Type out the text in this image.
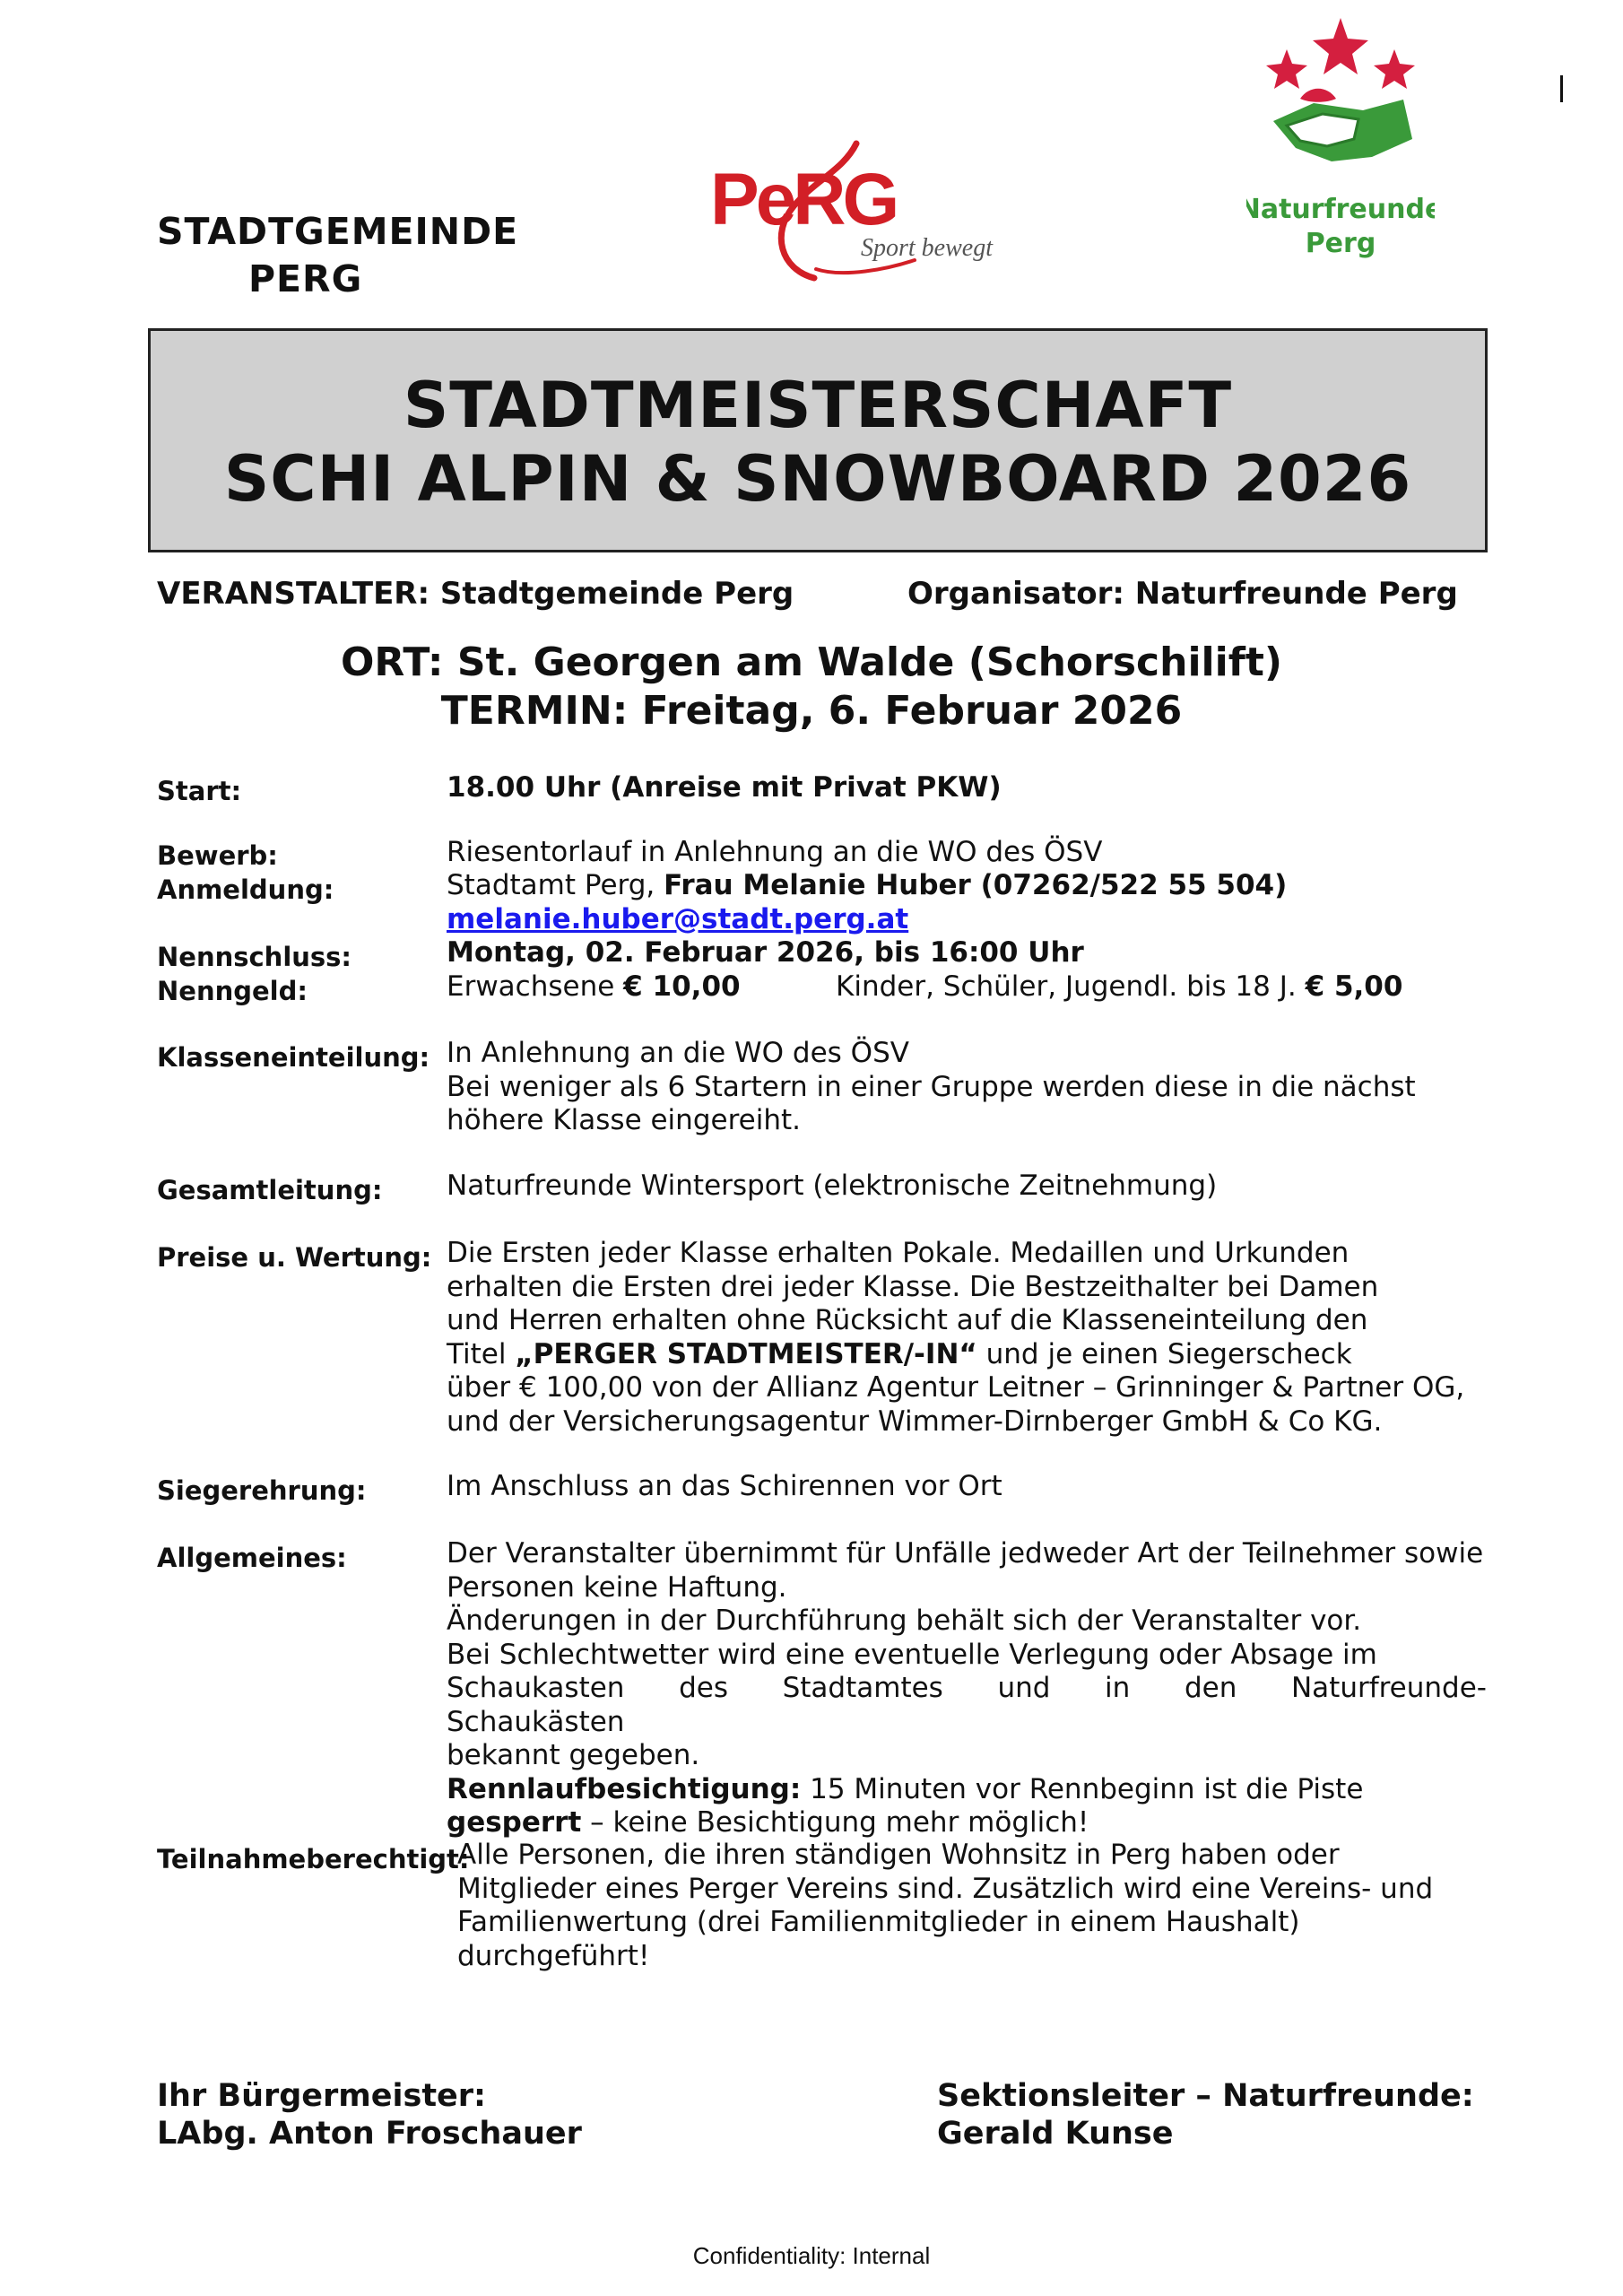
STADTGEMEINDE
PERG
PeRG
Sport bewegt
Naturfreunde
Perg
STADTMEISTERSCHAFT
SCHI ALPIN & SNOWBOARD 2026
VERANSTALTER: Stadtgemeinde Perg	Organisator: Naturfreunde Perg
ORT: St. Georgen am Walde (Schorschilift)
TERMIN: Freitag, 6. Februar 2026
Start:	18.00 Uhr (Anreise mit Privat PKW)
Bewerb:	Riesentorlauf in Anlehnung an die WO des ÖSV
Anmeldung:	Stadtamt Perg, Frau Melanie Huber (07262/522 55 504)
melanie.huber@stadt.perg.at
Nennschluss:	Montag, 02. Februar 2026, bis 16:00 Uhr
Nenngeld:	Erwachsene € 10,00	Kinder, Schüler, Jugendl. bis 18 J. € 5,00
Klasseneinteilung: In Anlehnung an die WO des ÖSV
Bei weniger als 6 Startern in einer Gruppe werden diese in die nächst
höhere Klasse eingereiht.
Gesamtleitung: Naturfreunde Wintersport (elektronische Zeitnehmung)
Preise u. Wertung: Die Ersten jeder Klasse erhalten Pokale. Medaillen und Urkunden
erhalten die Ersten drei jeder Klasse. Die Bestzeithalter bei Damen
und Herren erhalten ohne Rücksicht auf die Klasseneinteilung den
Titel „PERGER STADTMEISTER/-IN“ und je einen Siegerscheck
über € 100,00 von der Allianz Agentur Leitner – Grinninger & Partner OG,
und der Versicherungsagentur Wimmer-Dirnberger GmbH & Co KG.
Siegerehrung:	Im Anschluss an das Schirennen vor Ort
Allgemeines:	Der Veranstalter übernimmt für Unfälle jedweder Art der Teilnehmer sowie
Personen keine Haftung.
Änderungen in der Durchführung behält sich der Veranstalter vor.
Bei Schlechtwetter wird eine eventuelle Verlegung oder Absage im
Schaukasten des Stadtamtes und in den Naturfreunde-Schaukästen
bekannt gegeben.
Rennlaufbesichtigung: 15 Minuten vor Rennbeginn ist die Piste
gesperrt – keine Besichtigung mehr möglich!
Teilnahmeberechtigt:
Alle Personen, die ihren ständigen Wohnsitz in Perg haben oder
Mitglieder eines Perger Vereins sind. Zusätzlich wird eine Vereins- und
Familienwertung (drei Familienmitglieder in einem Haushalt)
durchgeführt!
Ihr Bürgermeister:
LAbg. Anton Froschauer
Sektionsleiter – Naturfreunde:
Gerald Kunse
Confidentiality: Internal
